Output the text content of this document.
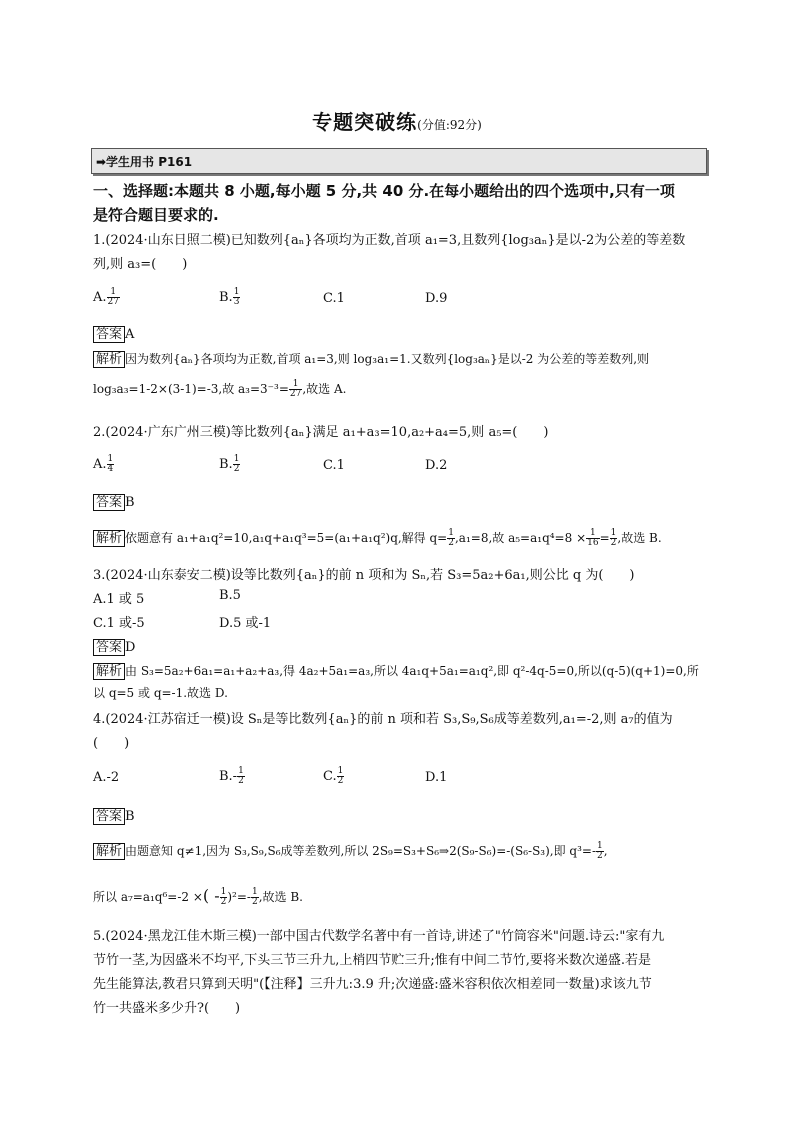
专题突破练(分值:92分)
➡学生用书 P161
一、选择题:本题共 8 小题,每小题 5 分,共 40 分.在每小题给出的四个选项中,只有一项
是符合题目要求的.
1.(2024·山东日照二模)已知数列{aₙ}各项均为正数,首项 a₁=3,且数列{log₃aₙ}是以-2为公差的等差数
列,则 a₃=(　　)
A. $\frac{1}{27}$	B. $\frac{1}{3}$	C.1	D.9
答案 A
解析 因为数列{aₙ}各项均为正数,首项 a₁=3,则 log₃a₁=1.又数列{log₃aₙ}是以-2 为公差的等差数列,则
log₃a₃=1-2×(3-1)=-3,故 $a_3=3^{-3}= \frac{1}{27}$ ,故选 A.
2.(2024·广东广州三模)等比数列{aₙ}满足 a₁+a₃=10,a₂+a₄=5,则 a₅=(　　)
A. $\frac{1}{4}$	B. $\frac{1}{2}$	C.1	D.2
答案 B
解析 依题意有 a₁+a₁q²=10,a₁q+a₁q³=5=(a₁+a₁q²)q,解得 $q= \frac{1}{2} ,a_1=8$,故 $a_5=a_1q^4=8 \times \frac{1}{16} = \frac{1}{2}$ ,故选 B.
3.(2024·山东泰安二模)设等比数列{aₙ}的前 n 项和为 Sₙ,若 S₃=5a₂+6a₁,则公比 q 为(　　)
A.1 或 5	B.5
C.1 或-5	D.5 或-1
答案 D
解析 由 S₃=5a₂+6a₁=a₁+a₂+a₃,得 4a₂+5a₁=a₃,所以 4a₁q+5a₁=a₁q²,即 q²-4q-5=0,所以(q-5)(q+1)=0,所
以 q=5 或 q=-1.故选 D.
4.(2024·江苏宿迁一模)设 Sₙ是等比数列{aₙ}的前 n 项和若 S₃,S₉,S₆成等差数列,a₁=-2,则 a₇的值为
(　　)
A.-2	$B.- \frac{1}{2}$	C. $\frac{1}{2}$	D.1
答案 B
解析 由题意知 q≠1,因为 S₃,S₉,S₆成等差数列,所以 2S₉=S₃+S₆⇒2(S₉-S₆)=-(S₆-S₃),即 $q^3=- \frac{1}{2}$ ,
所以 a₇=a₁q⁶=-2 ×( - $\frac{1}{2} )^2=- \frac{1}{2}$ ,故选 B.
5.(2024·黑龙江佳木斯三模)一部中国古代数学名著中有一首诗,讲述了"竹筒容米"问题.诗云:"家有九
节竹一茎,为因盛米不均平,下头三节三升九,上梢四节贮三升;惟有中间二节竹,要将米数次递盛.若是
先生能算法,教君只算到天明"(【注释】三升九:3.9 升;次递盛:盛米容积依次相差同一数量)求该九节
竹一共盛米多少升?(　　)
